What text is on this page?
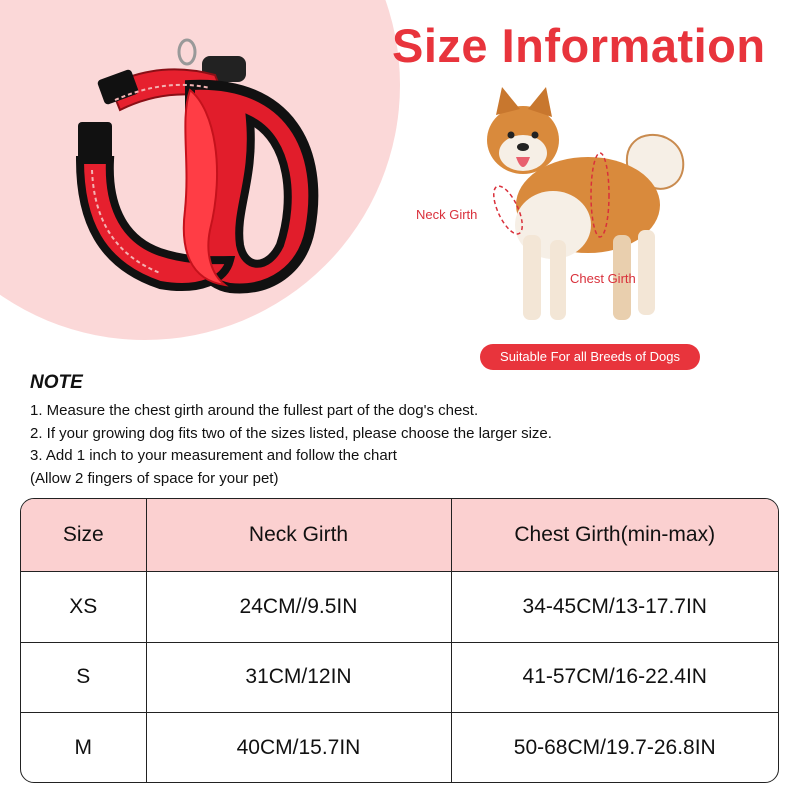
Size Information
Neck Girth
Chest Girth
Suitable For all Breeds of Dogs
NOTE
1. Measure the chest girth around the fullest part of the dog's chest.
2. If your growing dog fits two of the sizes listed, please choose the larger size.
3. Add 1 inch to your measurement and follow the chart
(Allow 2 fingers of space for your pet)
Size	Neck Girth	Chest Girth(min-max)
XS	24CM//9.5IN	34-45CM/13-17.7IN
S	31CM/12IN	41-57CM/16-22.4IN
M	40CM/15.7IN	50-68CM/19.7-26.8IN
